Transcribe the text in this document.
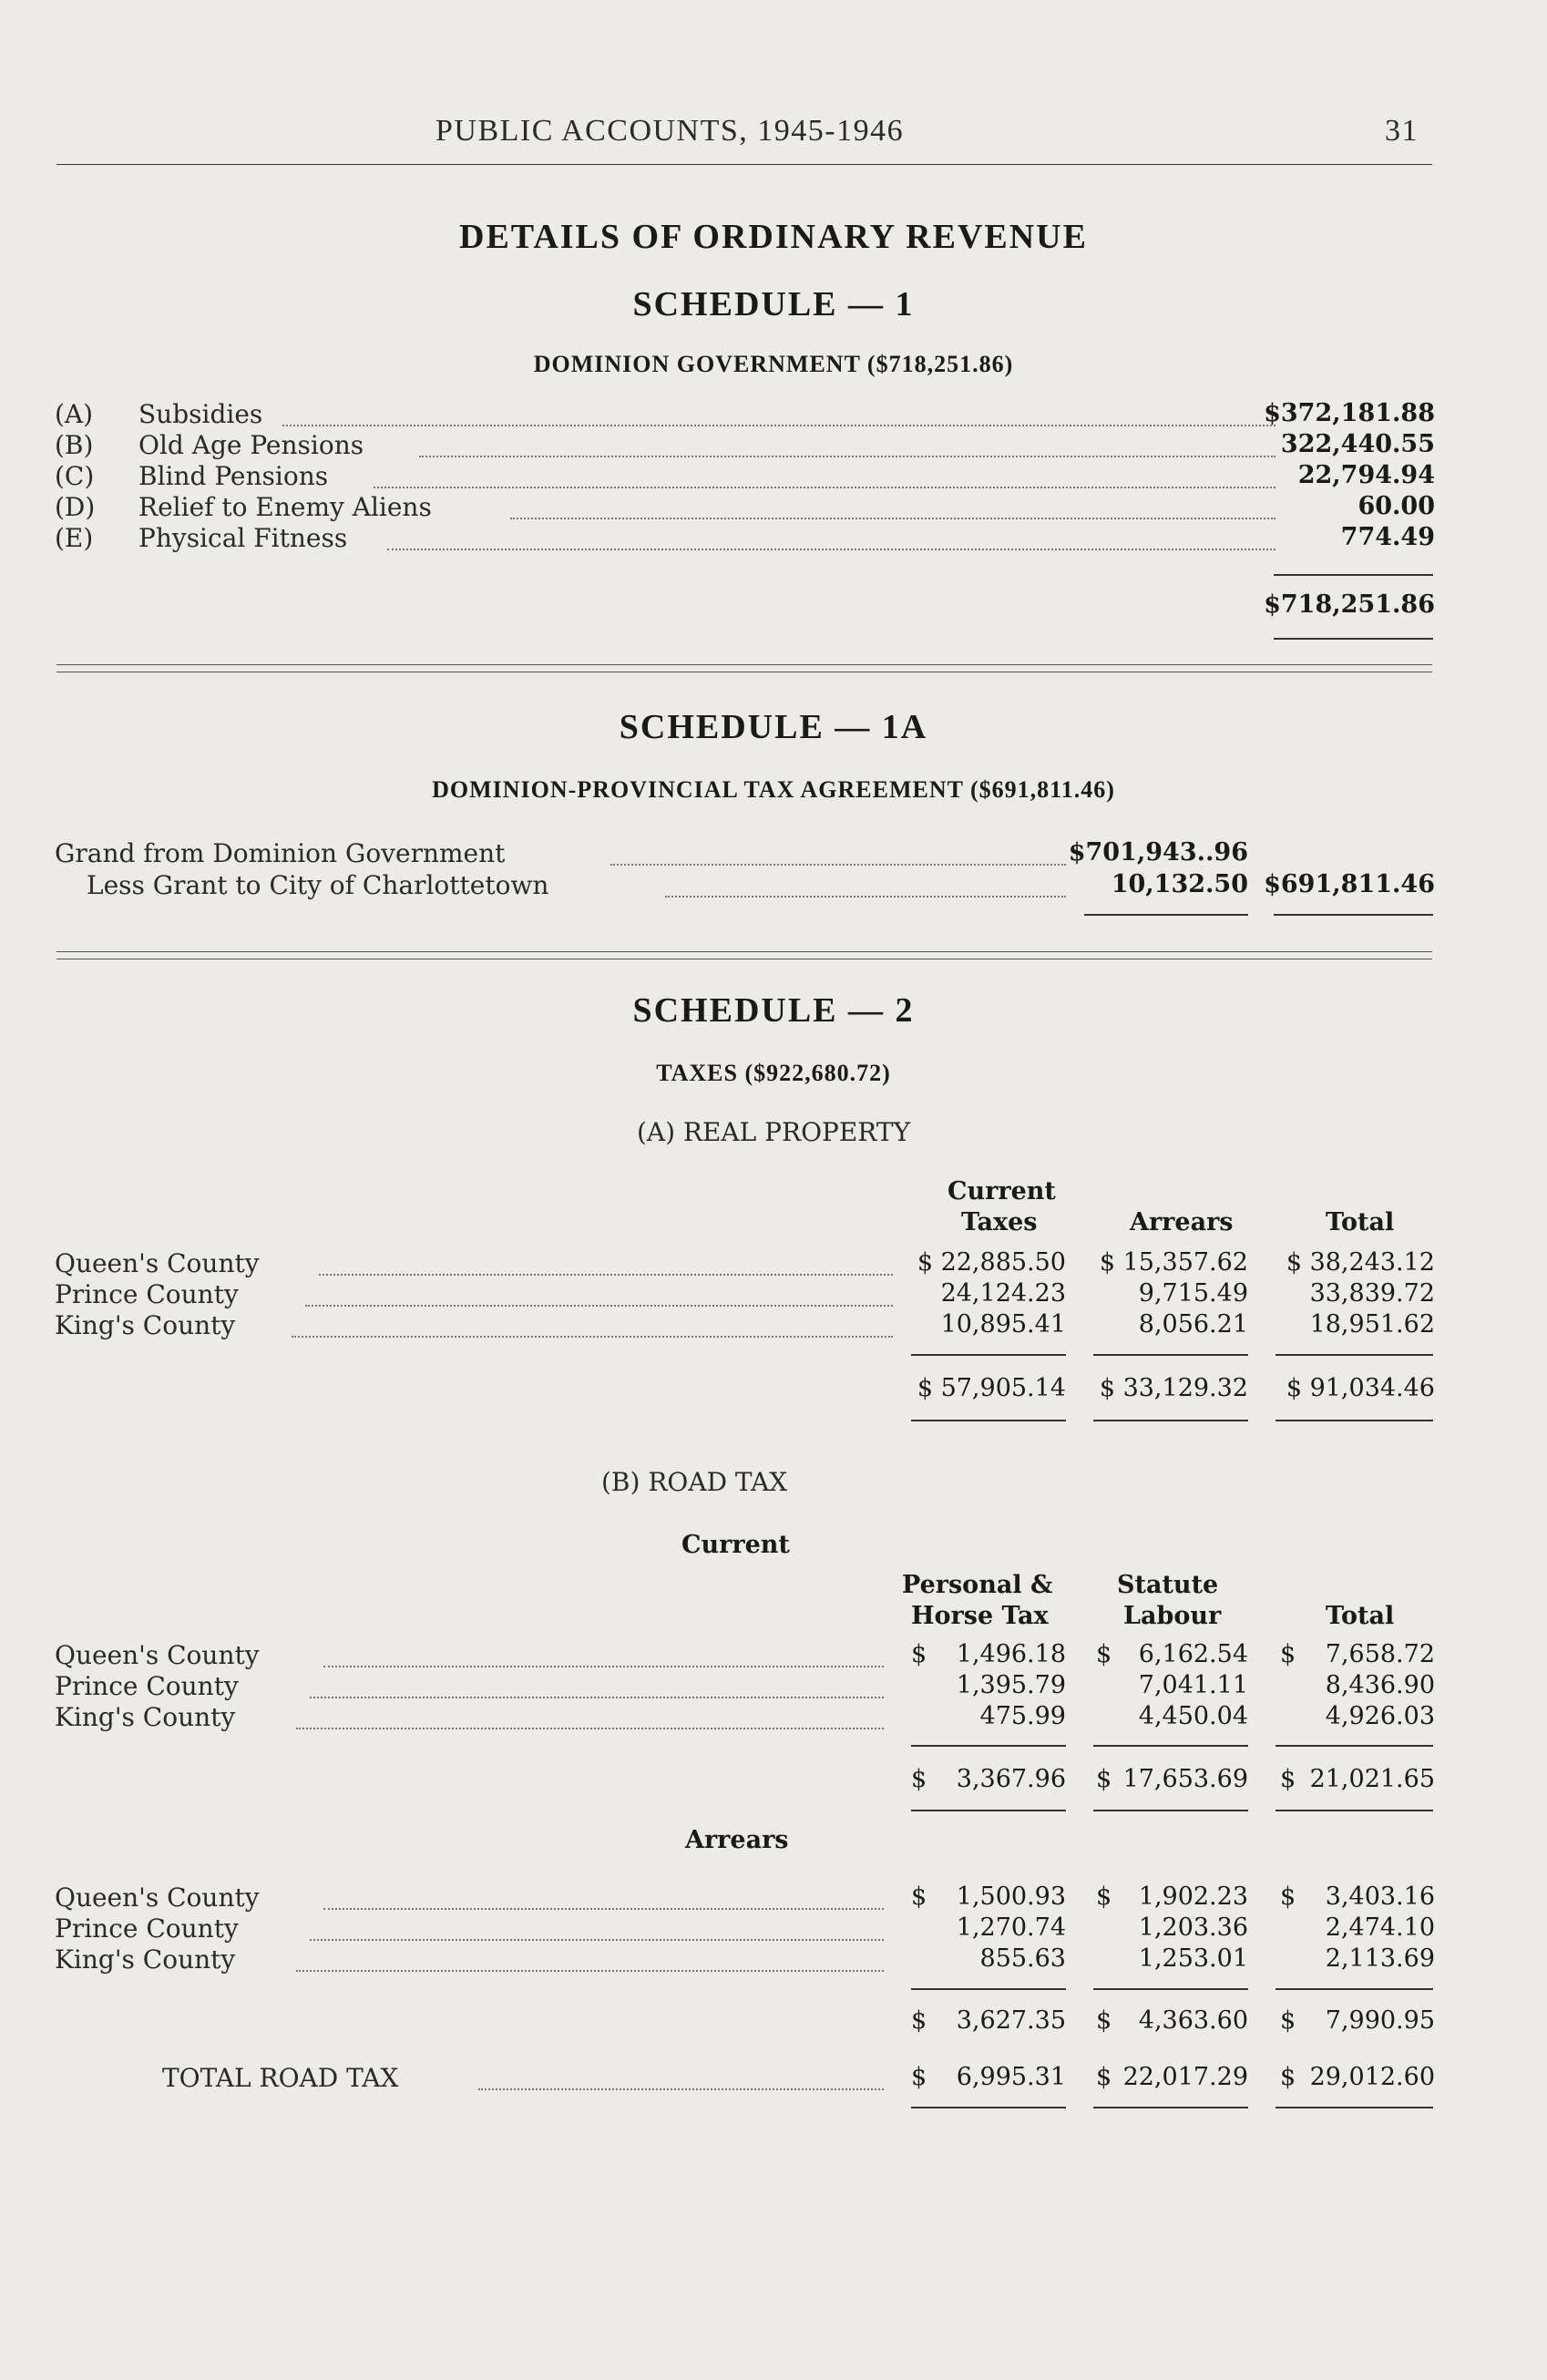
PUBLIC ACCOUNTS, 1945-1946	31
DETAILS OF ORDINARY REVENUE
SCHEDULE — 1
DOMINION GOVERNMENT ($718,251.86)
(A) Subsidies	$372,181.88
(B) Old Age Pensions	322,440.55
(C) Blind Pensions	22,794.94
(D) Relief to Enemy Aliens	60.00
(E) Physical Fitness	774.49
$718,251.86
SCHEDULE — 1A
DOMINION-PROVINCIAL TAX AGREEMENT ($691,811.46)
Grand from Dominion Government	$701,943..96
Less Grant to City of Charlottetown	10,132.50 $691,811.46
SCHEDULE — 2
TAXES ($922,680.72)
(A) REAL PROPERTY
Current
Taxes	Arrears	Total
Queen's County	$ 22,885.50	$ 15,357.62	$ 38,243.12
Prince County	24,124.23	9,715.49	33,839.72
King's County	10,895.41	8,056.21	18,951.62
$ 57,905.14	$ 33,129.32	$ 91,034.46
(B) ROAD TAX
Current
Personal &
Horse Tax
Statute
Labour	Total
Queen's County	$	1,496.18 $	6,162.54 $	7,658.72
Prince County	1,395.79	7,041.11	8,436.90
King's County	475.99	4,450.04	4,926.03
$	3,367.96 $ 17,653.69 $ 21,021.65
Arrears
Queen's County	$	1,500.93 $	1,902.23 $	3,403.16
Prince County	1,270.74	1,203.36	2,474.10
King's County	855.63	1,253.01	2,113.69
$	3,627.35 $	4,363.60 $	7,990.95
TOTAL ROAD TAX	$	6,995.31 $ 22,017.29 $ 29,012.60
